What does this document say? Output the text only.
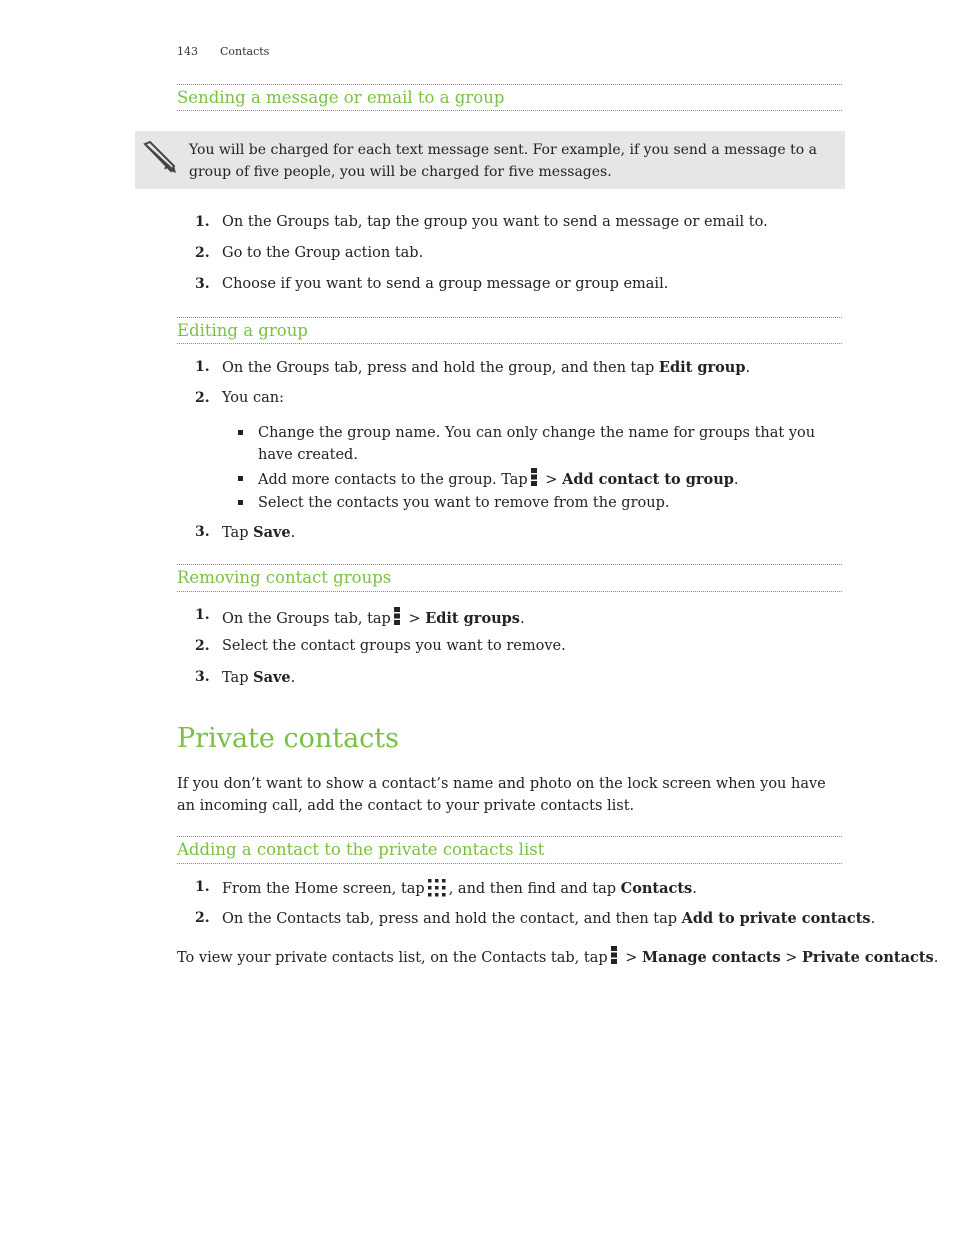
143 Contacts
Sending a message or email to a group
You will be charged for each text message sent. For example, if you send a message to a group of five people, you will be charged for five messages.
1. On the Groups tab, tap the group you want to send a message or email to.
2. Go to the Group action tab.
3. Choose if you want to send a group message or group email.
Editing a group
1. On the Groups tab, press and hold the group, and then tap Edit group.
2. You can:
Change the group name. You can only change the name for groups that you have created.
Add more contacts to the group. Tap > Add contact to group.
Select the contacts you want to remove from the group.
3. Tap Save.
Removing contact groups
1. On the Groups tab, tap > Edit groups.
2. Select the contact groups you want to remove.
3. Tap Save.
Private contacts
If you don’t want to show a contact’s name and photo on the lock screen when you have an incoming call, add the contact to your private contacts list.
Adding a contact to the private contacts list
1. From the Home screen, tap , and then find and tap Contacts.
2. On the Contacts tab, press and hold the contact, and then tap Add to private contacts.
To view your private contacts list, on the Contacts tab, tap > Manage contacts > Private contacts.
